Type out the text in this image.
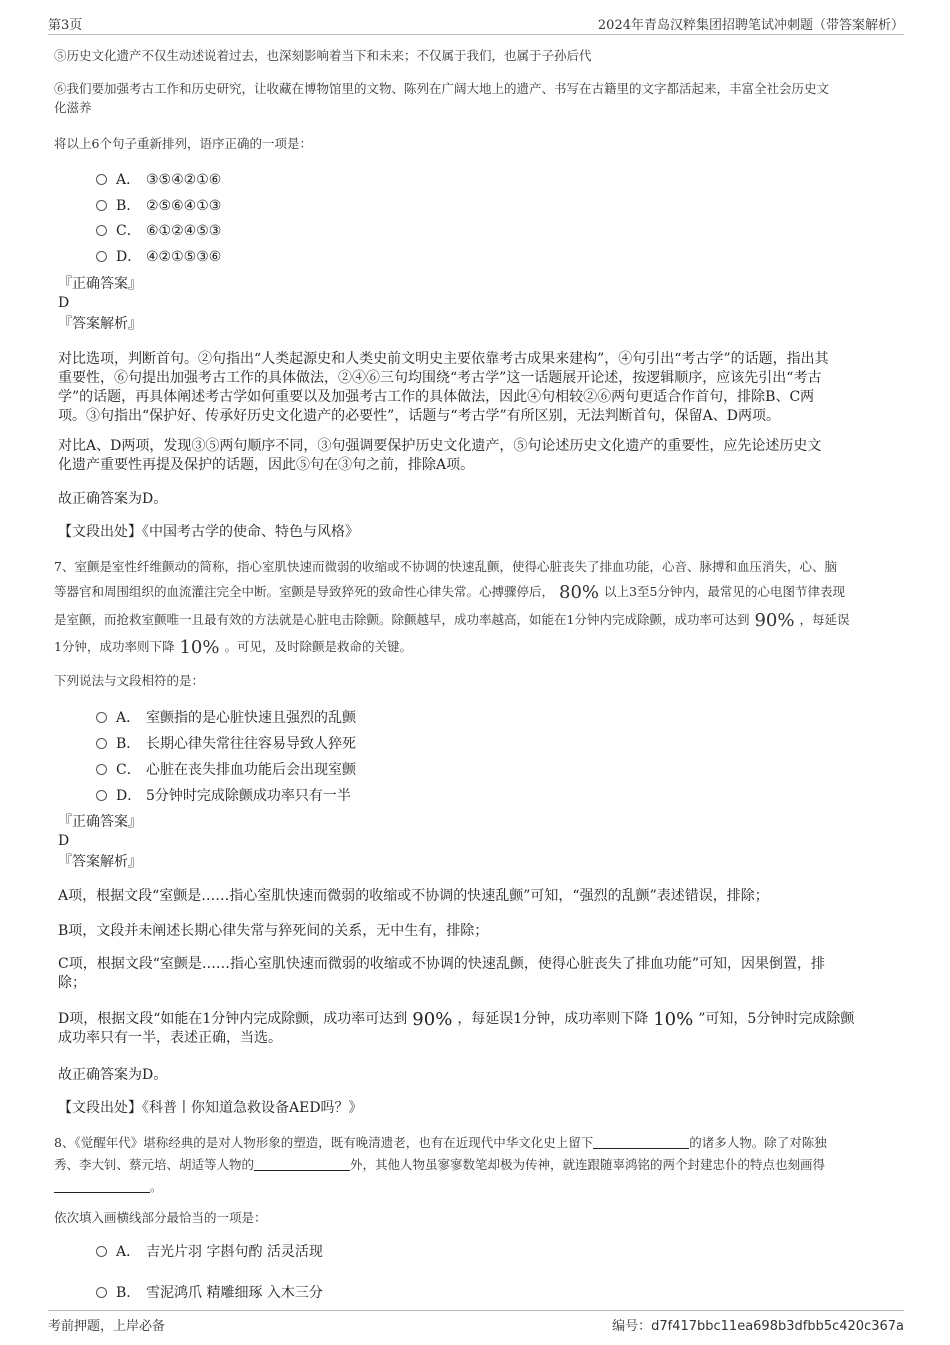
第3页	2024年青岛汉粹集团招聘笔试冲刺题（带答案解析）
⑤历史文化遗产不仅生动述说着过去，也深刻影响着当下和未来；不仅属于我们，也属于子孙后代
⑥我们要加强考古工作和历史研究，让收藏在博物馆里的文物、陈列在广阔大地上的遗产、书写在古籍里的文字都活起来，丰富全社会历史文
化滋养
将以上6个句子重新排列，语序正确的一项是：
A． ③⑤④②①⑥
B. ②⑤⑥④①③
C． ⑥①②④⑤③
D． ④②①⑤③⑥
『正确答案』
D
『答案解析』
对比选项，判断首句。②句指出“人类起源史和人类史前文明史主要依靠考古成果来建构”，④句引出“考古学”的话题，指出其
重要性，⑥句提出加强考古工作的具体做法，②④⑥三句均围绕“考古学”这一话题展开论述，按逻辑顺序，应该先引出“考古
学”的话题，再具体阐述考古学如何重要以及加强考古工作的具体做法，因此④句相较②⑥两句更适合作首句，排除B、C两
项。③句指出“保护好、传承好历史文化遗产的必要性”，话题与“考古学”有所区别，无法判断首句，保留A、D两项。
对比A、D两项，发现③⑤两句顺序不同，③句强调要保护历史文化遗产，⑤句论述历史文化遗产的重要性，应先论述历史文
化遗产重要性再提及保护的话题，因此⑤句在③句之前，排除A项。
故正确答案为D。
【文段出处】《中国考古学的使命、特色与风格》
7、室颤是室性纤维颤动的简称，指心室肌快速而微弱的收缩或不协调的快速乱颤，使得心脏丧失了排血功能，心音、脉搏和血压消失，心、脑
等器官和周围组织的血流灌注完全中断。室颤是导致猝死的致命性心律失常。心搏骤停后， 80% 以上3至5分钟内，最常见的心电图节律表现
是室颤，而抢救室颤唯一且最有效的方法就是心脏电击除颤。除颤越早，成功率越高，如能在1分钟内完成除颤，成功率可达到 90% ，每延误
1分钟，成功率则下降 10% 。可见，及时除颤是救命的关键。
下列说法与文段相符的是：
A． 室颤指的是心脏快速且强烈的乱颤
B． 长期心律失常往往容易导致人猝死
C． 心脏在丧失排血功能后会出现室颤
D． 5分钟时完成除颤成功率只有一半
『正确答案』
D
『答案解析』
A项，根据文段“室颤是……指心室肌快速而微弱的收缩或不协调的快速乱颤”可知，“强烈的乱颤”表述错误，排除；
B项，文段并未阐述长期心律失常与猝死间的关系，无中生有，排除；
C项，根据文段“室颤是……指心室肌快速而微弱的收缩或不协调的快速乱颤，使得心脏丧失了排血功能”可知，因果倒置，排
除；
D项，根据文段“如能在1分钟内完成除颤，成功率可达到 90% ，每延误1分钟，成功率则下降 10% ”可知，5分钟时完成除颤
成功率只有一半，表述正确，当选。
故正确答案为D。
【文段出处】《科普丨你知道急救设备AED吗？》
8、《觉醒年代》堪称经典的是对人物形象的塑造，既有晚清遗老，也有在近现代中华文化史上留下	的诸多人物。除了对陈独
秀、李大钊、蔡元培、胡适等人物的	外，其他人物虽寥寥数笔却极为传神，就连跟随辜鸿铭的两个封建忠仆的特点也刻画得
。
依次填入画横线部分最恰当的一项是：
A． 吉光片羽 字斟句酌 活灵活现
B. 雪泥鸿爪 精雕细琢 入木三分
考前押题，上岸必备	编号：d7f417bbc11ea698b3dfbb5c420c367a
